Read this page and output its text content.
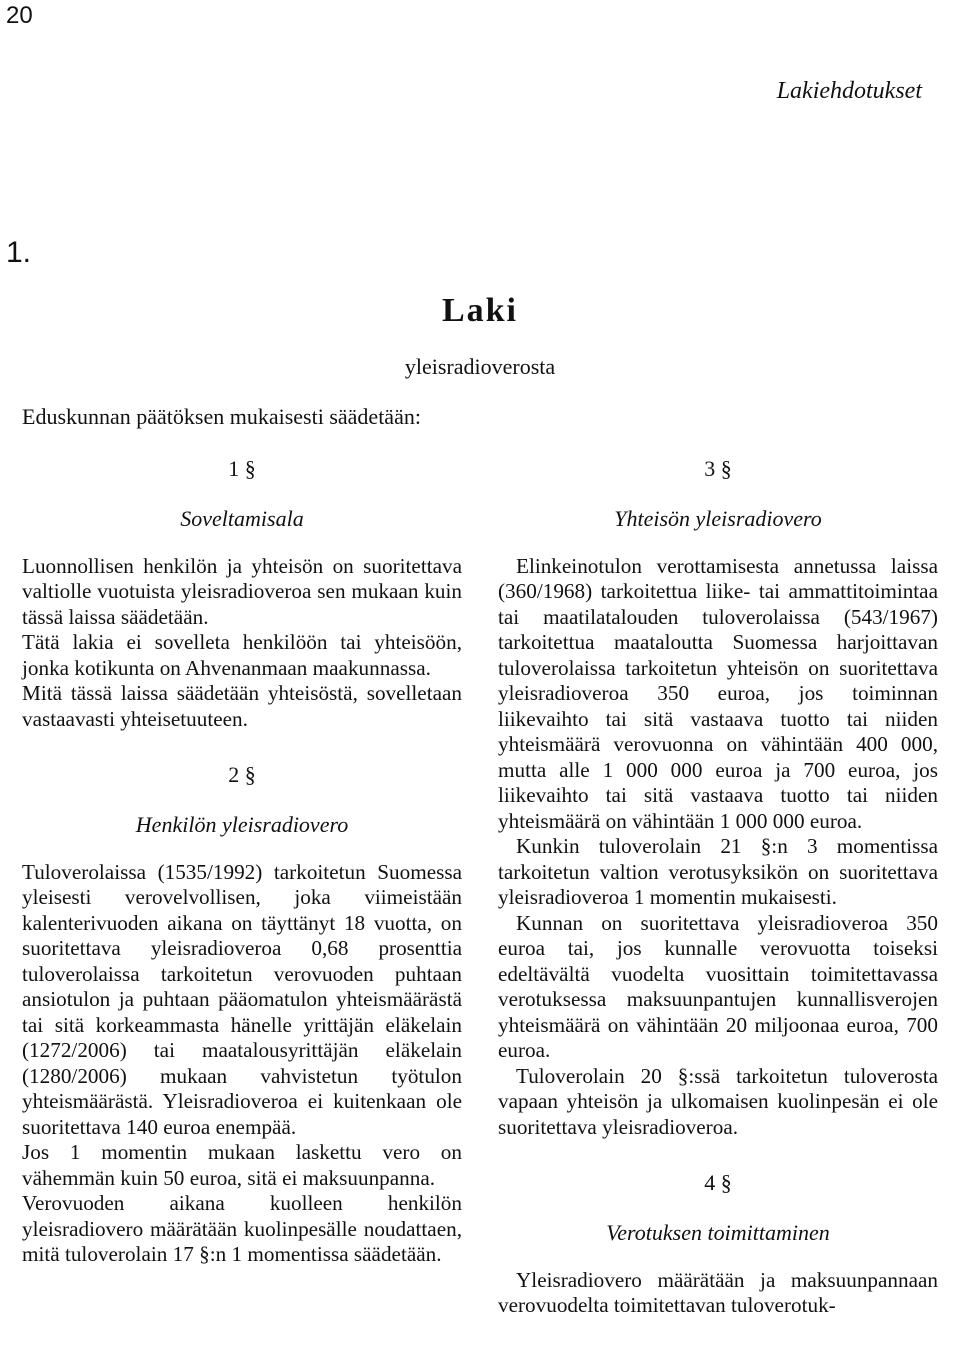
20
Lakiehdotukset
1.
Laki
yleisradioverosta
Eduskunnan päätöksen mukaisesti säädetään:
1 §
Soveltamisala

Luonnollisen henkilön ja yhteisön on suoritettava valtiolle vuotuista yleisradioveroa sen mukaan kuin tässä laissa säädetään.

Tätä lakia ei sovelleta henkilöön tai yhteisöön, jonka kotikunta on Ahvenanmaan maakunnassa.

Mitä tässä laissa säädetään yhteisöstä, sovelletaan vastaavasti yhteisetuuteen.

2 §
Henkilön yleisradiovero

Tuloverolaissa (1535/1992) tarkoitetun Suomessa yleisesti verovelvollisen, joka viimeistään kalenterivuoden aikana on täyttänyt 18 vuotta, on suoritettava yleisradioveroa 0,68 prosenttia tuloverolaissa tarkoitetun verovuoden puhtaan ansiotulon ja puhtaan pääomatulon yhteismäärästä tai sitä korkeammasta hänelle yrittäjän eläkelain (1272/2006) tai maatalousyrittäjän eläkelain (1280/2006) mukaan vahvistetun työtulon yhteismäärästä. Yleisradioveroa ei kuitenkaan ole suoritettava 140 euroa enempää.

Jos 1 momentin mukaan laskettu vero on vähemmän kuin 50 euroa, sitä ei maksuunpanna.

Verovuoden aikana kuolleen henkilön yleisradiovero määrätään kuolinpesälle noudattaen, mitä tuloverolain 17 §:n 1 momentissa säädetään.

3 §
Yhteisön yleisradiovero

Elinkeinotulon verottamisesta annetussa laissa (360/1968) tarkoitettua liike- tai ammattitoimintaa tai maatilatalouden tuloverolaissa (543/1967) tarkoitettua maataloutta Suomessa harjoittavan tuloverolaissa tarkoitetun yhteisön on suoritettava yleisradioveroa 350 euroa, jos toiminnan liikevaihto tai sitä vastaava tuotto tai niiden yhteismäärä verovuonna on vähintään 400 000, mutta alle 1 000 000 euroa ja 700 euroa, jos liikevaihto tai sitä vastaava tuotto tai niiden yhteismäärä on vähintään 1 000 000 euroa.

Kunkin tuloverolain 21 §:n 3 momentissa tarkoitetun valtion verotusyksikön on suoritettava yleisradioveroa 1 momentin mukaisesti.

Kunnan on suoritettava yleisradioveroa 350 euroa tai, jos kunnalle verovuotta toiseksi edeltävältä vuodelta vuosittain toimitettavassa verotuksessa maksuunpantujen kunnallisverojen yhteismäärä on vähintään 20 miljoonaa euroa, 700 euroa.

Tuloverolain 20 §:ssä tarkoitetun tuloverosta vapaan yhteisön ja ulkomaisen kuolinpesän ei ole suoritettava yleisradioveroa.

4 §
Verotuksen toimittaminen

Yleisradiovero määrätään ja maksuunpannaan verovuodelta toimitettavan tuloverotuk-
